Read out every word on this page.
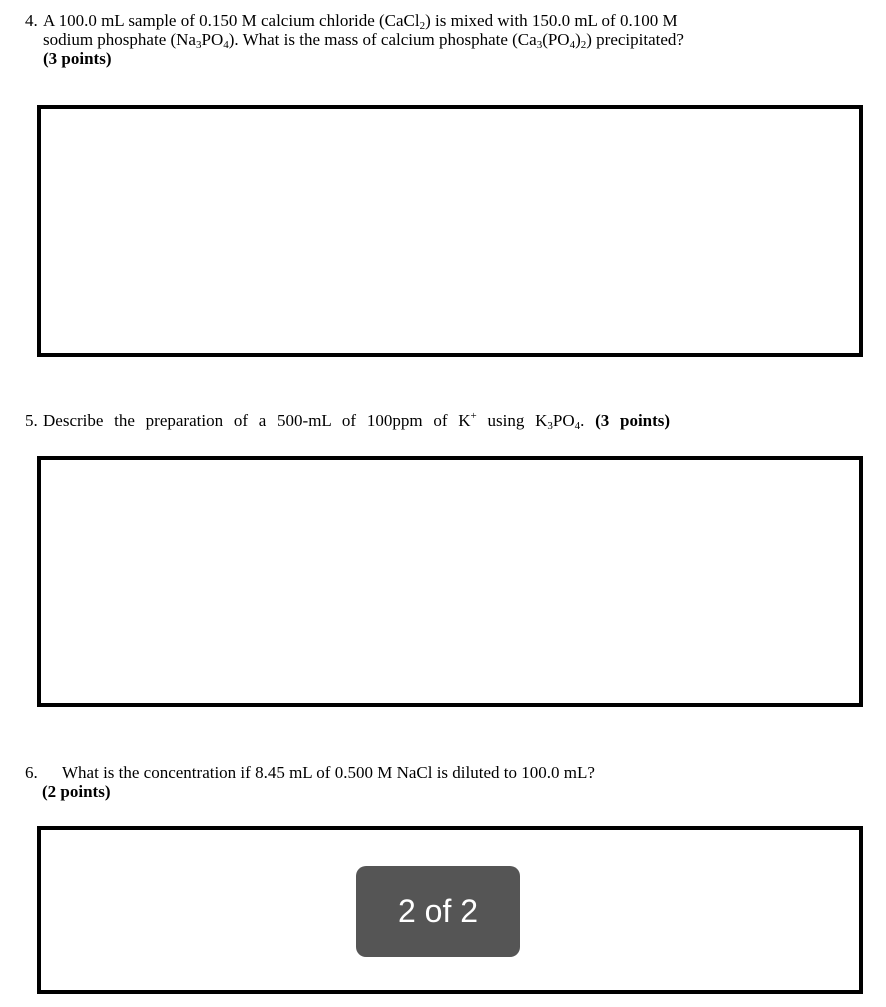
4. A 100.0 mL sample of 0.150 M calcium chloride (CaCl$_2$) is mixed with 150.0 mL of 0.100 M
sodium phosphate $(Na_3PO_4)$. What is the mass of calcium phosphate $(Ca_3(PO_4)_2)$ precipitated?
(3 points)
5. Describe the preparation of a 500-mL of 100ppm of K+ using $K_3PO_4$. (3 points)
6. What is the concentration if 8.45 mL of 0.500 M NaCl is diluted to 100.0 mL?
(2 points)
2 of 2
